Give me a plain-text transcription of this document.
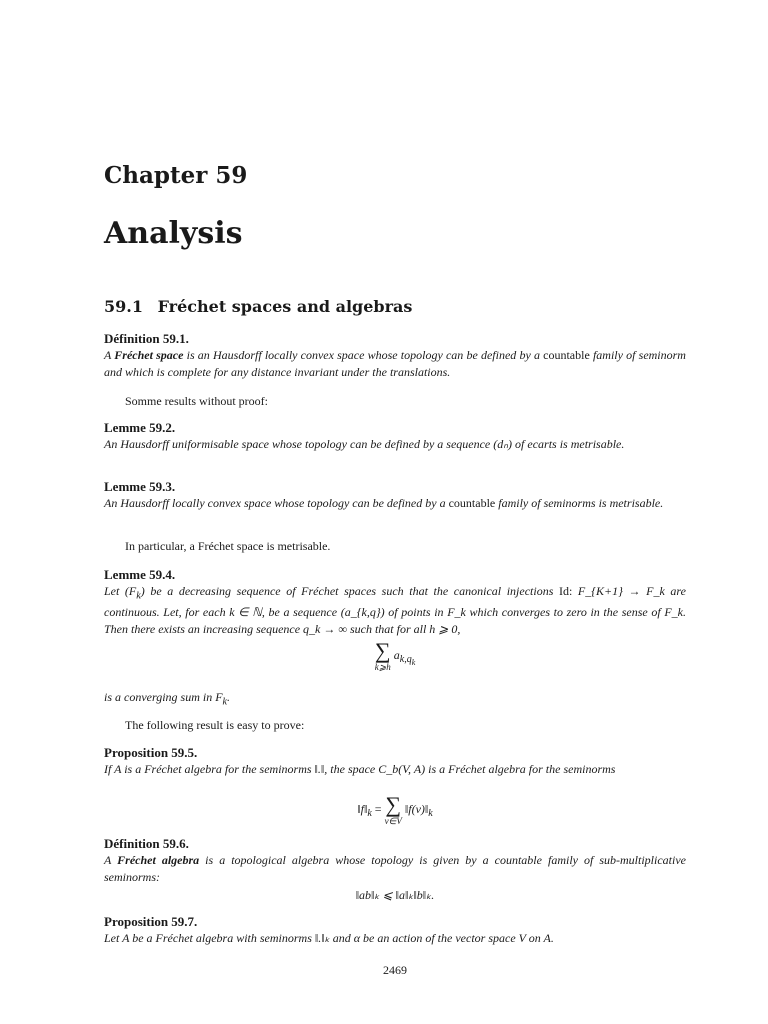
Chapter 59
Analysis
59.1 Fréchet spaces and algebras

Définition 59.1.

A Fréchet space is an Hausdorff locally convex space whose topology can be defined by a countable family of seminorm and which is complete for any distance invariant under the translations.

Somme results without proof:

Lemme 59.2.

An Hausdorff uniformisable space whose topology can be defined by a sequence (dₙ) of ecarts is metrisable.

Lemme 59.3.

An Hausdorff locally convex space whose topology can be defined by a countable family of seminorms is metrisable.

In particular, a Fréchet space is metrisable.

Lemme 59.4.

Let $(F_k)$ be a decreasing sequence of Fréchet spaces such that the canonical injections Id: F_{K+1} → F_k are continuous. Let, for each k ∈ ℕ, be a sequence (a_{k,q}) of points in F_k which converges to zero in the sense of F_k. Then there exists an increasing sequence q_k → ∞ such that for all h ⩾ 0,

∑
k⩾h
$a_{k,q_k}$

is a converging sum in $F_k$.

The following result is easy to prove:

Proposition 59.5.

If A is a Fréchet algebra for the seminorms ‖.‖, the space C_b(V, A) is a Fréchet algebra for the seminorms

$‖f‖_k$ = ∑
v∈V
$‖f(v)‖_k$

Définition 59.6.

A Fréchet algebra is a topological algebra whose topology is given by a countable family of sub-multiplicative seminorms:

‖ab‖ₖ ⩽ ‖a‖ₖ‖b‖ₖ.

Proposition 59.7.

Let A be a Fréchet algebra with seminorms ‖.‖ₖ and α be an action of the vector space V on A.

2469
